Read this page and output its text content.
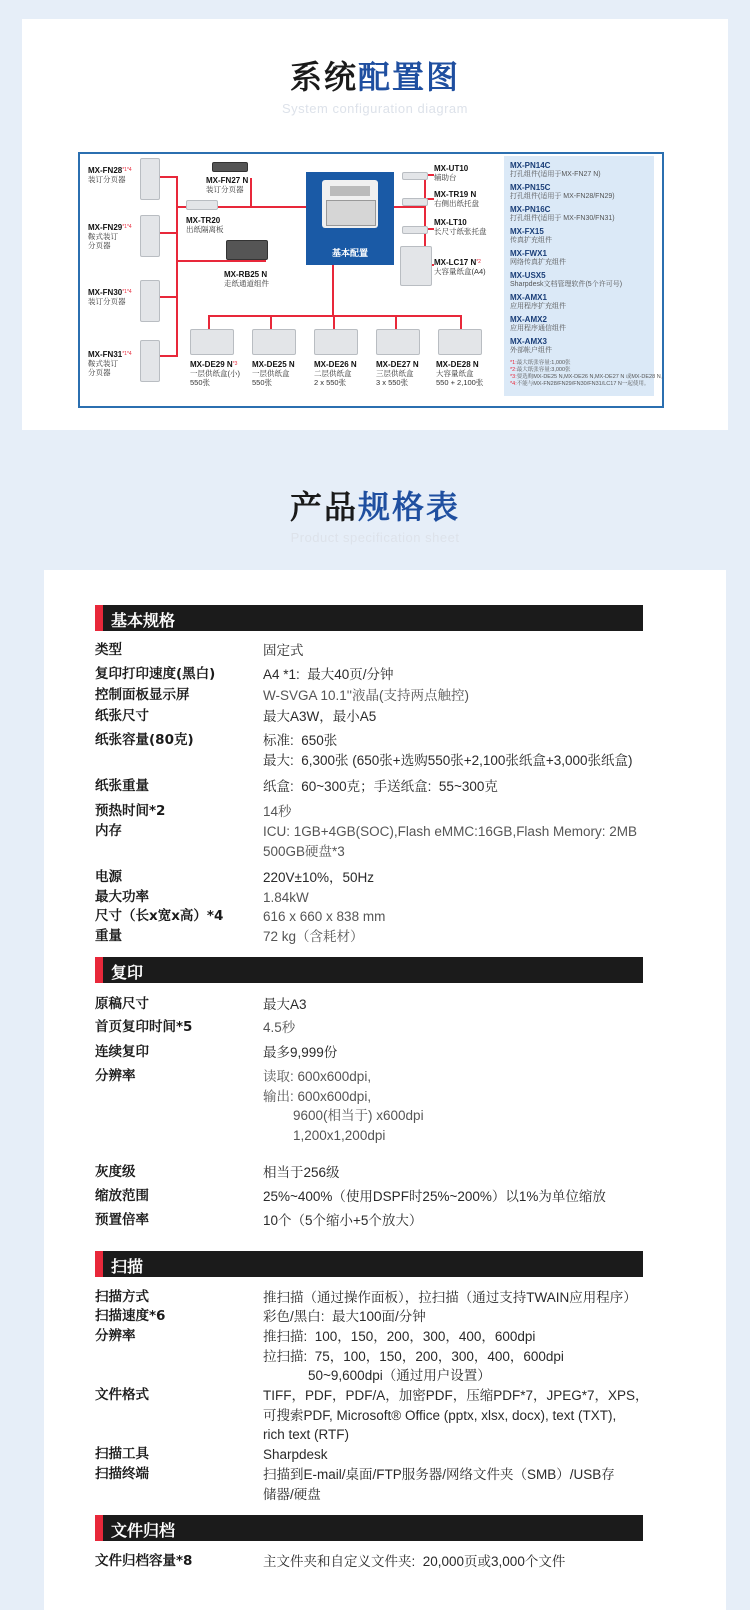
系统配置图
System configuration diagram
基本配置
$MX-FN28^{*1*4}$
装订分页器
$MX-FN29^{*1*4}$
鞍式装订
分页器
$MX-FN30^{*1*4}$
装订分页器
$MX-FN31^{*1*4}$
鞍式装订
分页器
MX-FN27 N
装订分页器
MX-TR20
出纸隔离板
MX-RB25 N
走纸通道组件
MX-UT10
辅助台
MX-TR19 N
右侧出纸托盘
MX-LT10
长尺寸纸张托盘
MX-LC17 $N^{*2}$
大容量纸盒(A4)
MX-DE29 $N^{*3}$
一层供纸盒(小)
550张
MX-DE25 N
一层供纸盒
550张
MX-DE26 N
二层供纸盒
2 x 550张
MX-DE27 N
三层供纸盒
3 x 550张
MX-DE28 N
大容量纸盒
550 + 2,100张
MX-PN14C
打孔组件(适用于MX-FN27 N)
MX-PN15C
打孔组件(适用于 MX-FN28/FN29)
MX-PN16C
打孔组件(适用于 MX-FN30/FN31)
MX-FX15
传真扩充组件
MX-FWX1
网络传真扩充组件
MX-USX5
Sharpdesk文档管理软件(5个许可号)
MX-AMX1
应用程序扩充组件
MX-AMX2
应用程序通信组件
MX-AMX3
外部帐户组件
*1:最大纸张容量:1,000张
*2:最大纸张容量:3,000张
*3:要选购MX-DE25 N,MX-DE26 N,MX-DE27 N 或MX-DE28 N。
*4:不能与MX-FN28/FN29/FN30/FN31/LC17 N一起使用。
产品规格表
Product specification sheet
基本规格
类型	固定式
复印打印速度(黑白)	A4 *1:  最大40页/分钟
控制面板显示屏	W-SVGA 10.1''液晶(支持两点触控)
纸张尺寸	最大A3W，最小A5
纸张容量(80克)	标准:  650张
最大:  6,300张 (650张+选购550张+2,100张纸盒+3,000张纸盒)
纸张重量	纸盒:  60~300克；手送纸盒:  55~300克
预热时间*2	14秒
内存	ICU: 1GB+4GB(SOC),Flash eMMC:16GB,Flash Memory: 2MB
500GB硬盘*3
电源	220V±10%，50Hz
最大功率	1.84kW
尺寸（长x宽x高）*4	616 x 660 x 838 mm
重量	72 kg（含耗材）
复印
原稿尺寸	最大A3
首页复印时间*5	4.5秒
连续复印	最多9,999份
分辨率	读取: 600x600dpi,
输出: 600x600dpi,
9600(相当于) x600dpi
1,200x1,200dpi
灰度级	相当于256级
缩放范围	25%~400%（使用DSPF时25%~200%）以1%为单位缩放
预置倍率	10个（5个缩小+5个放大）
扫描
扫描方式	推扫描（通过操作面板），拉扫描（通过支持TWAIN应用程序）
扫描速度*6	彩色/黑白:  最大100面/分钟
分辨率	推扫描:  100，150，200，300，400，600dpi
拉扫描:  75，100，150，200，300，400，600dpi
50~9,600dpi（通过用户设置）
文件格式	TIFF，PDF，PDF/A，加密PDF，压缩PDF*7，JPEG*7，XPS，
可搜索PDF, Microsoft® Office (pptx, xlsx, docx), text (TXT),
rich text (RTF)
扫描工具	Sharpdesk
扫描终端	扫描到E-mail/桌面/FTP服务器/网络文件夹（SMB）/USB存
储器/硬盘
文件归档
文件归档容量*8	主文件夹和自定义文件夹:  20,000页或3,000个文件
